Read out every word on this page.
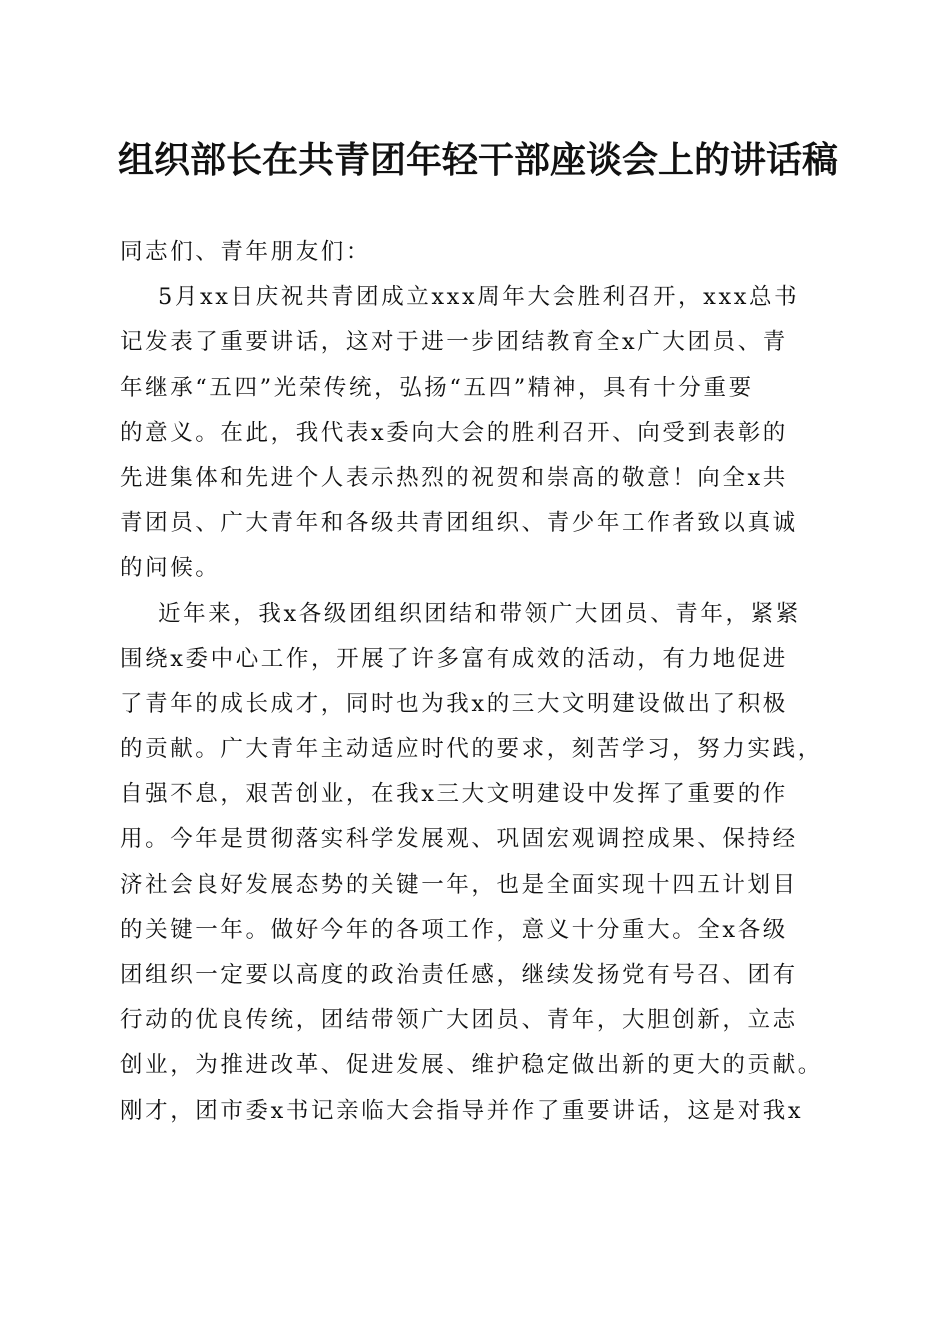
组织部长在共青团年轻干部座谈会上的讲话稿
同志们、青年朋友们：
5月xx日庆祝共青团成立xxx周年大会胜利召开，xxx总书
记发表了重要讲话，这对于进一步团结教育全x广大团员、青
年继承“五四”光荣传统，弘扬“五四”精神，具有十分重要
的意义。在此，我代表x委向大会的胜利召开、向受到表彰的
先进集体和先进个人表示热烈的祝贺和崇高的敬意！向全x共
青团员、广大青年和各级共青团组织、青少年工作者致以真诚
的问候。
近年来，我x各级团组织团结和带领广大团员、青年，紧紧
围绕x委中心工作，开展了许多富有成效的活动，有力地促进
了青年的成长成才，同时也为我x的三大文明建设做出了积极
的贡献。广大青年主动适应时代的要求，刻苦学习，努力实践，
自强不息，艰苦创业，在我x三大文明建设中发挥了重要的作
用。今年是贯彻落实科学发展观、巩固宏观调控成果、保持经
济社会良好发展态势的关键一年，也是全面实现十四五计划目
的关键一年。做好今年的各项工作，意义十分重大。全x各级
团组织一定要以高度的政治责任感，继续发扬党有号召、团有
行动的优良传统，团结带领广大团员、青年，大胆创新，立志
创业，为推进改革、促进发展、维护稳定做出新的更大的贡献。
刚才，团市委x书记亲临大会指导并作了重要讲话，这是对我x
